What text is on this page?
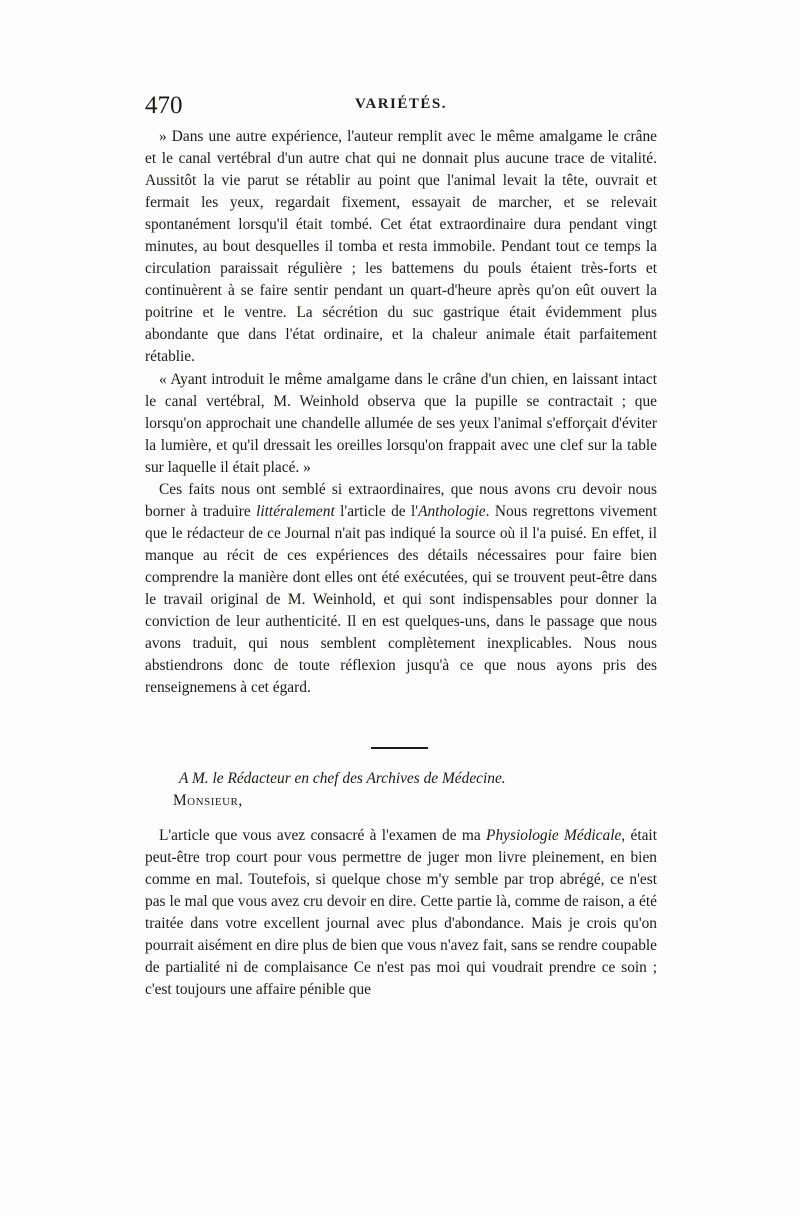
470	VARIÉTÉS.

» Dans une autre expérience, l'auteur remplit avec le même amalgame le crâne et le canal vertébral d'un autre chat qui ne donnait plus aucune trace de vitalité. Aussitôt la vie parut se rétablir au point que l'animal levait la tête, ouvrait et fermait les yeux, regardait fixement, essayait de marcher, et se relevait spontanément lorsqu'il était tombé. Cet état extraordinaire dura pendant vingt minutes, au bout desquelles il tomba et resta immobile. Pendant tout ce temps la circulation paraissait régulière ; les battemens du pouls étaient très-forts et continuèrent à se faire sentir pendant un quart-d'heure après qu'on eût ouvert la poitrine et le ventre. La sécrétion du suc gastrique était évidemment plus abondante que dans l'état ordinaire, et la chaleur animale était parfaitement rétablie.

« Ayant introduit le même amalgame dans le crâne d'un chien, en laissant intact le canal vertébral, M. Weinhold observa que la pupille se contractait ; que lorsqu'on approchait une chandelle allumée de ses yeux l'animal s'efforçait d'éviter la lumière, et qu'il dressait les oreilles lorsqu'on frappait avec une clef sur la table sur laquelle il était placé. »

Ces faits nous ont semblé si extraordinaires, que nous avons cru devoir nous borner à traduire littéralement l'article de l'Anthologie. Nous regrettons vivement que le rédacteur de ce Journal n'ait pas indiqué la source où il l'a puisé. En effet, il manque au récit de ces expériences des détails nécessaires pour faire bien comprendre la manière dont elles ont été exécutées, qui se trouvent peut-être dans le travail original de M. Weinhold, et qui sont indispensables pour donner la conviction de leur authenticité. Il en est quelques-uns, dans le passage que nous avons traduit, qui nous semblent complètement inexplicables. Nous nous abstiendrons donc de toute réflexion jusqu'à ce que nous ayons pris des renseignemens à cet égard.

A M. le Rédacteur en chef des Archives de Médecine.

Monsieur,

L'article que vous avez consacré à l'examen de ma Physiologie Médicale, était peut-être trop court pour vous permettre de juger mon livre pleinement, en bien comme en mal. Toutefois, si quelque chose m'y semble par trop abrégé, ce n'est pas le mal que vous avez cru devoir en dire. Cette partie là, comme de raison, a été traitée dans votre excellent journal avec plus d'abondance. Mais je crois qu'on pourrait aisément en dire plus de bien que vous n'avez fait, sans se rendre coupable de partialité ni de complaisance Ce n'est pas moi qui voudrait prendre ce soin ; c'est toujours une affaire pénible que
